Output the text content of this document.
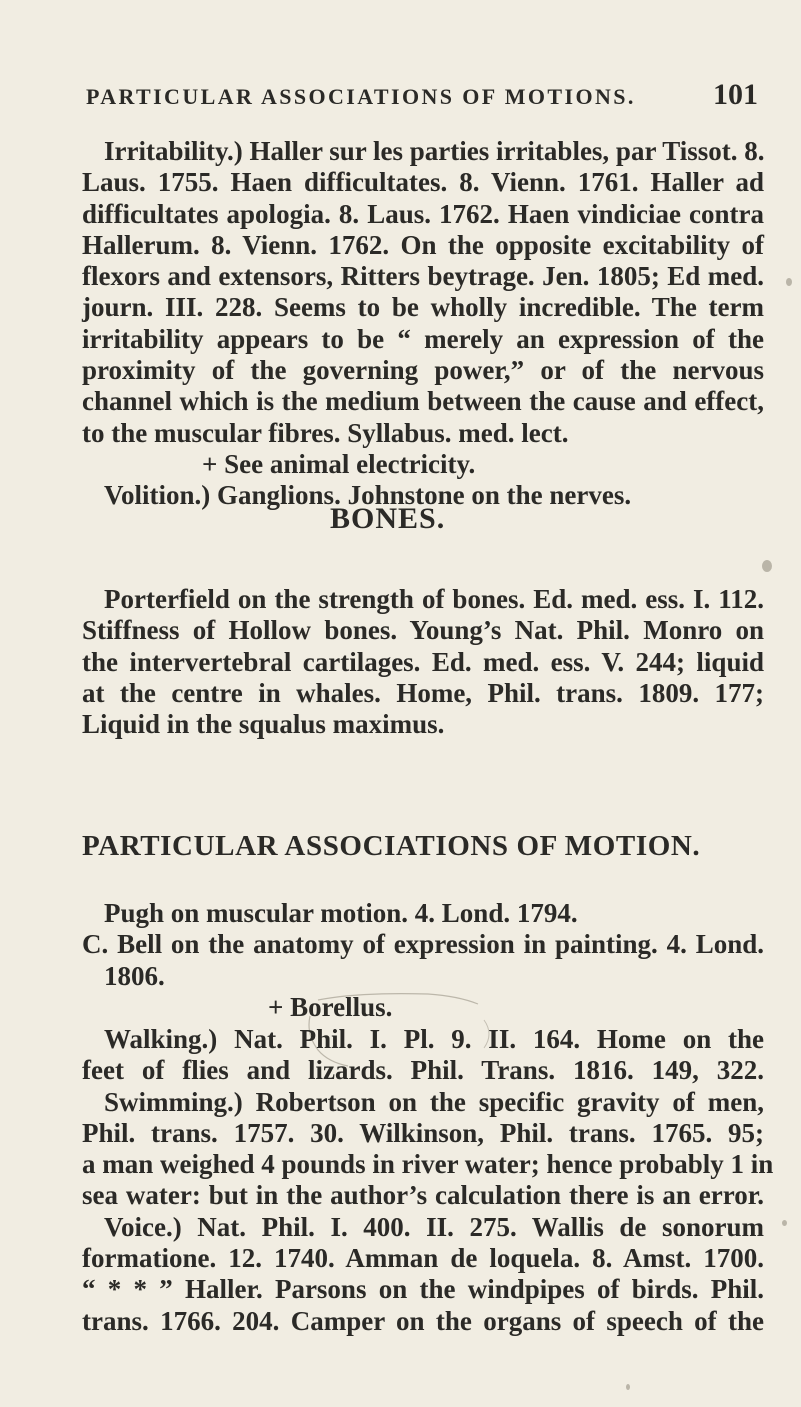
PARTICULAR ASSOCIATIONS OF MOTIONS.	101
Irritability.) Haller sur les parties irritables, par Tissot. 8.
Laus. 1755. Haen difficultates. 8. Vienn. 1761. Haller ad
difficultates apologia. 8. Laus. 1762. Haen vindiciae contra
Hallerum. 8. Vienn. 1762. On the opposite excitability of
flexors and extensors, Ritters beytrage. Jen. 1805; Ed med.
journ. III. 228. Seems to be wholly incredible. The term
irritability appears to be “ merely an expression of the
proximity of the governing power,” or of the nervous
channel which is the medium between the cause and effect,
to the muscular fibres. Syllabus. med. lect.
+ See animal electricity.
Volition.) Ganglions. Johnstone on the nerves.
BONES.
Porterfield on the strength of bones. Ed. med. ess. I. 112.
Stiffness of Hollow bones. Young’s Nat. Phil. Monro on
the intervertebral cartilages. Ed. med. ess. V. 244; liquid
at the centre in whales. Home, Phil. trans. 1809. 177;
Liquid in the squalus maximus.
PARTICULAR ASSOCIATIONS OF MOTION.
Pugh on muscular motion. 4. Lond. 1794.
C. Bell on the anatomy of expression in painting. 4. Lond.
1806.
+ Borellus.
Walking.) Nat. Phil. I. Pl. 9. II. 164. Home on the
feet of flies and lizards. Phil. Trans. 1816. 149, 322.
Swimming.) Robertson on the specific gravity of men,
Phil. trans. 1757. 30. Wilkinson, Phil. trans. 1765. 95;
a man weighed 4 pounds in river water; hence probably 1 in
sea water: but in the author’s calculation there is an error.
Voice.) Nat. Phil. I. 400. II. 275. Wallis de sonorum
formatione. 12. 1740. Amman de loquela. 8. Amst. 1700.
“ * * ” Haller. Parsons on the windpipes of birds. Phil.
trans. 1766. 204. Camper on the organs of speech of the
